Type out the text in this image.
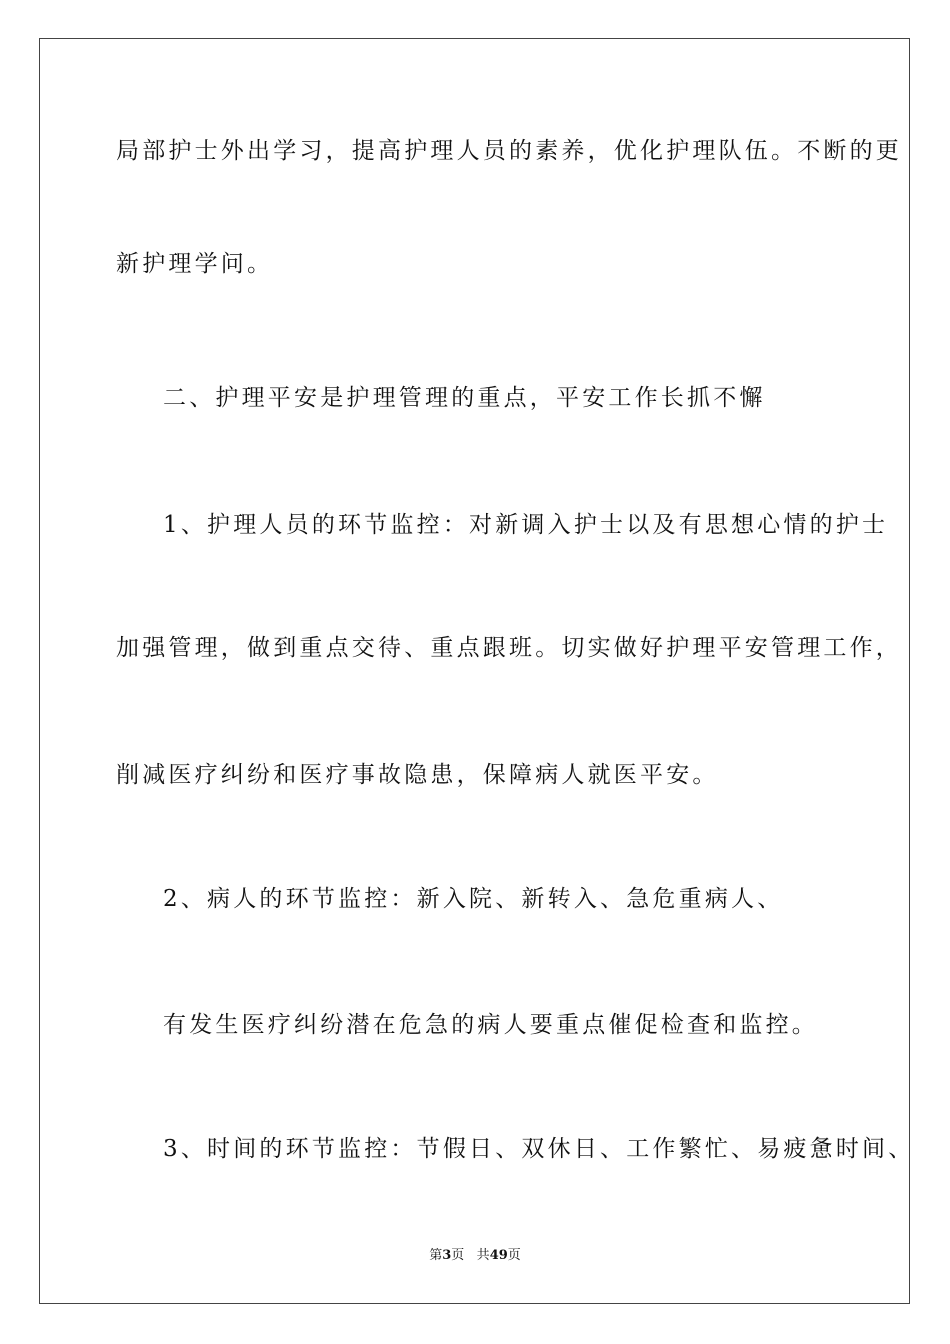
局部护士外出学习，提高护理人员的素养，优化护理队伍。不断的更
新护理学问。
二、护理平安是护理管理的重点，平安工作长抓不懈
1、护理人员的环节监控：对新调入护士以及有思想心情的护士
加强管理，做到重点交待、重点跟班。切实做好护理平安管理工作，
削减医疗纠纷和医疗事故隐患，保障病人就医平安。
2、病人的环节监控：新入院、新转入、急危重病人、
有发生医疗纠纷潜在危急的病人要重点催促检查和监控。
3、时间的环节监控：节假日、双休日、工作繁忙、易疲惫时间、
第3页 共49页
